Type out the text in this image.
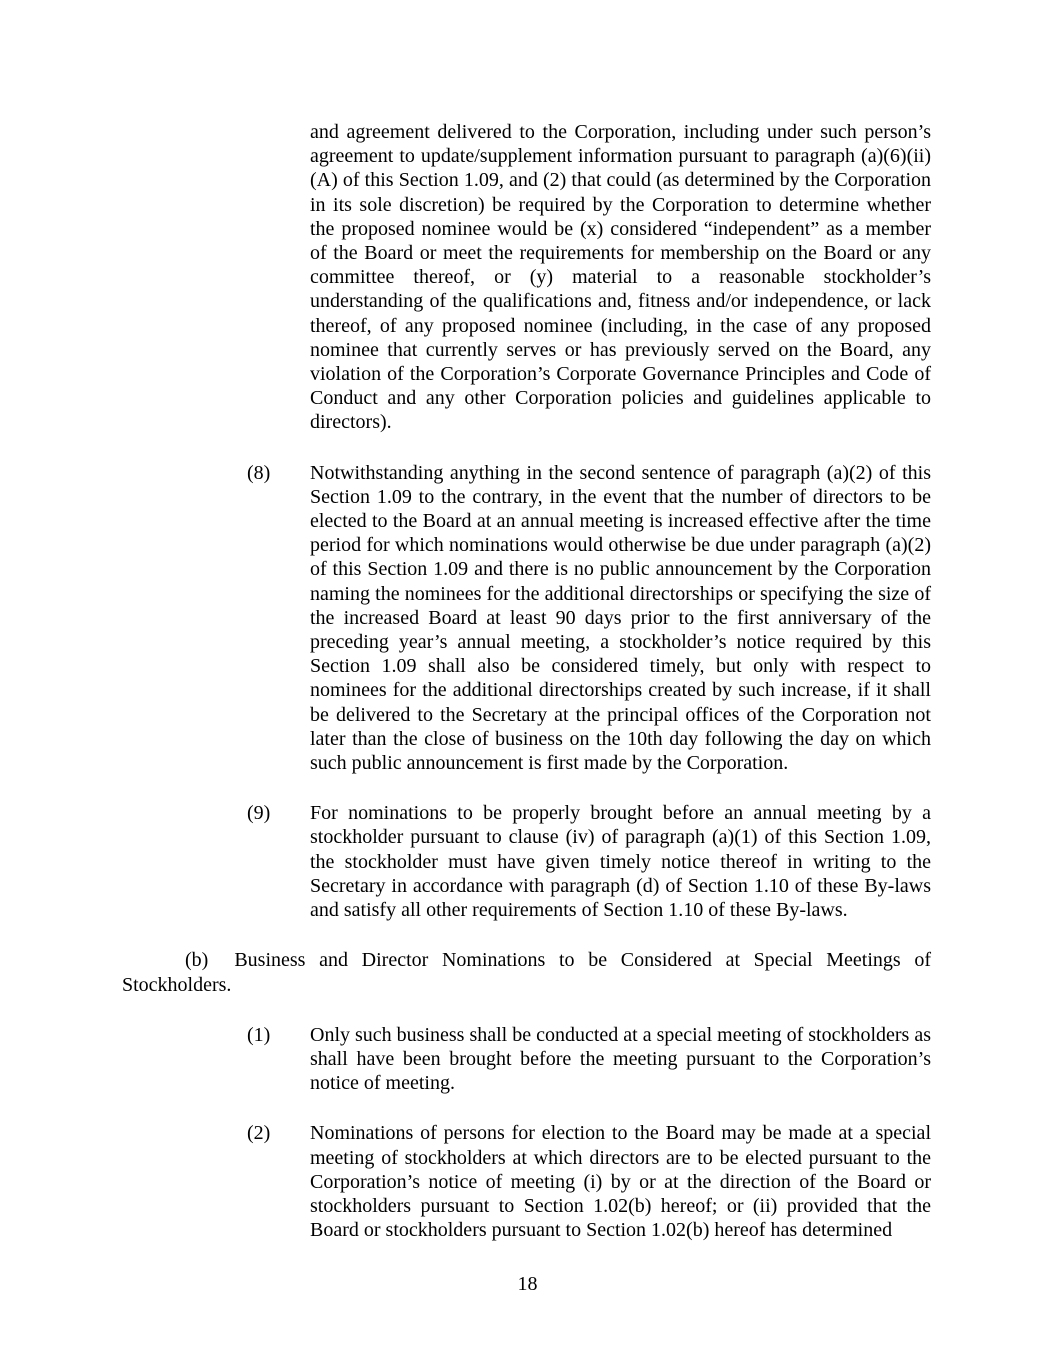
and agreement delivered to the Corporation, including under such person’s agreement to update/supplement information pursuant to paragraph (a)(6)(ii)(A) of this Section 1.09, and (2) that could (as determined by the Corporation in its sole discretion) be required by the Corporation to determine whether the proposed nominee would be (x) considered “independent” as a member of the Board or meet the requirements for membership on the Board or any committee thereof, or (y) material to a reasonable stockholder’s understanding of the qualifications and, fitness and/or independence, or lack thereof, of any proposed nominee (including, in the case of any proposed nominee that currently serves or has previously served on the Board, any violation of the Corporation’s Corporate Governance Principles and Code of Conduct and any other Corporation policies and guidelines applicable to directors).
(8)	Notwithstanding anything in the second sentence of paragraph (a)(2) of this Section 1.09 to the contrary, in the event that the number of directors to be elected to the Board at an annual meeting is increased effective after the time period for which nominations would otherwise be due under paragraph (a)(2) of this Section 1.09 and there is no public announcement by the Corporation naming the nominees for the additional directorships or specifying the size of the increased Board at least 90 days prior to the first anniversary of the preceding year’s annual meeting, a stockholder’s notice required by this Section 1.09 shall also be considered timely, but only with respect to nominees for the additional directorships created by such increase, if it shall be delivered to the Secretary at the principal offices of the Corporation not later than the close of business on the 10th day following the day on which such public announcement is first made by the Corporation.
(9)	For nominations to be properly brought before an annual meeting by a stockholder pursuant to clause (iv) of paragraph (a)(1) of this Section 1.09, the stockholder must have given timely notice thereof in writing to the Secretary in accordance with paragraph (d) of Section 1.10 of these By-laws and satisfy all other requirements of Section 1.10 of these By-laws.
(b) Business and Director Nominations to be Considered at Special Meetings of Stockholders.
(1)	Only such business shall be conducted at a special meeting of stockholders as shall have been brought before the meeting pursuant to the Corporation’s notice of meeting.
(2)	Nominations of persons for election to the Board may be made at a special meeting of stockholders at which directors are to be elected pursuant to the Corporation’s notice of meeting (i) by or at the direction of the Board or stockholders pursuant to Section 1.02(b) hereof; or (ii) provided that the Board or stockholders pursuant to Section 1.02(b) hereof has determined
18
